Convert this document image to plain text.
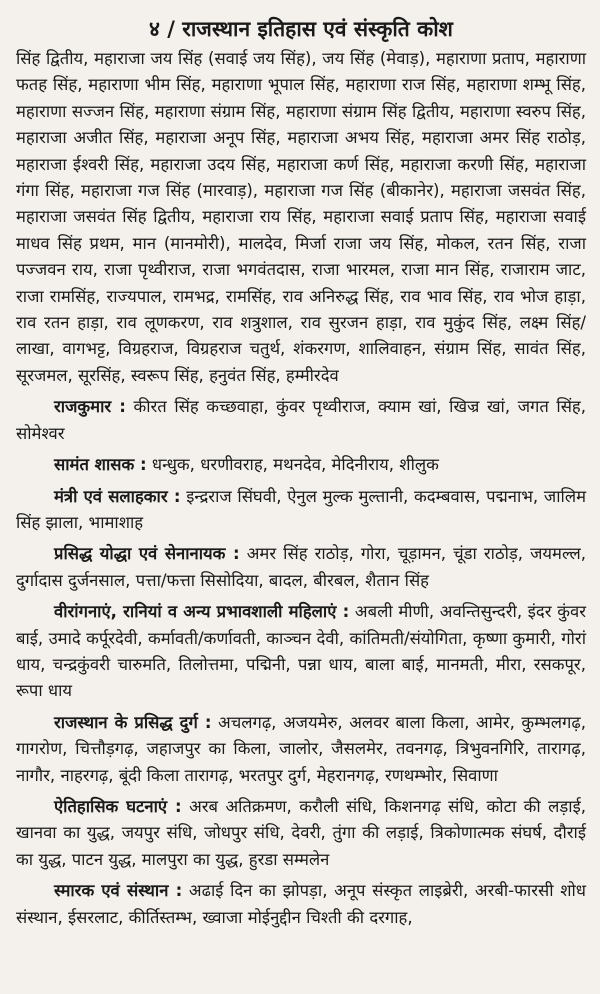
४ / राजस्थान इतिहास एवं संस्कृति कोश

सिंह द्वितीय, महाराजा जय सिंह (सवाई जय सिंह), जय सिंह (मेवाड़), महाराणा प्रताप, महाराणा फतह सिंह, महाराणा भीम सिंह, महाराणा भूपाल सिंह, महाराणा राज सिंह, महाराणा शम्भू सिंह, महाराणा सज्जन सिंह, महाराणा संग्राम सिंह, महाराणा संग्राम सिंह द्वितीय, महाराणा स्वरुप सिंह, महाराजा अजीत सिंह, महाराजा अनूप सिंह, महाराजा अभय सिंह, महाराजा अमर सिंह राठोड़, महाराजा ईश्वरी सिंह, महाराजा उदय सिंह, महाराजा कर्ण सिंह, महाराजा करणी सिंह, महाराजा गंगा सिंह, महाराजा गज सिंह (मारवाड़), महाराजा गज सिंह (बीकानेर), महाराजा जसवंत सिंह, महाराजा जसवंत सिंह द्वितीय, महाराजा राय सिंह, महाराजा सवाई प्रताप सिंह, महाराजा सवाई माधव सिंह प्रथम, मान (मानमोरी), मालदेव, मिर्जा राजा जय सिंह, मोकल, रतन सिंह, राजा पज्जवन राय, राजा पृथ्वीराज, राजा भगवंतदास, राजा भारमल, राजा मान सिंह, राजाराम जाट, राजा रामसिंह, राज्यपाल, रामभद्र, रामसिंह, राव अनिरुद्ध सिंह, राव भाव सिंह, राव भोज हाड़ा, राव रतन हाड़ा, राव लूणकरण, राव शत्रुशाल, राव सुरजन हाड़ा, राव मुकुंद सिंह, लक्ष्म सिंह/लाखा, वागभट्ट, विग्रहराज, विग्रहराज चतुर्थ, शंकरगण, शालिवाहन, संग्राम सिंह, सावंत सिंह, सूरजमल, सूरसिंह, स्वरूप सिंह, हनुवंत सिंह, हम्मीरदेव

राजकुमार : कीरत सिंह कच्छवाहा, कुंवर पृथ्वीराज, क्याम खां, खिज्र खां, जगत सिंह, सोमेश्वर

सामंत शासक : धन्धुक, धरणीवराह, मथनदेव, मेदिनीराय, शीलुक

मंत्री एवं सलाहकार : इन्द्रराज सिंघवी, ऐनुल मुल्क मुल्तानी, कदम्बवास, पद्मनाभ, जालिम सिंह झाला, भामाशाह

प्रसिद्ध योद्धा एवं सेनानायक : अमर सिंह राठोड़, गोरा, चूड़ामन, चूंडा राठोड़, जयमल्ल, दुर्गादास दुर्जनसाल, पत्ता/फत्ता सिसोदिया, बादल, बीरबल, शैतान सिंह

वीरांगनाएं, रानियां व अन्य प्रभावशाली महिलाएं : अबली मीणी, अवन्तिसुन्दरी, इंदर कुंवर बाई, उमादे कर्पूरदेवी, कर्मावती/कर्णावती, काञ्चन देवी, कांतिमती/संयोगिता, कृष्णा कुमारी, गोरां धाय, चन्द्रकुंवरी चारुमति, तिलोत्तमा, पद्मिनी, पन्ना धाय, बाला बाई, मानमती, मीरा, रसकपूर, रूपा धाय

राजस्थान के प्रसिद्ध दुर्ग : अचलगढ़, अजयमेरु, अलवर बाला किला, आमेर, कुम्भलगढ़, गागरोण, चित्तौड़गढ़, जहाजपुर का किला, जालोर, जैसलमेर, तवनगढ़, त्रिभुवनगिरि, तारागढ़, नागौर, नाहरगढ़, बूंदी किला तारागढ़, भरतपुर दुर्ग, मेहरानगढ़, रणथम्भोर, सिवाणा

ऐतिहासिक घटनाएं : अरब अतिक्रमण, करौली संधि, किशनगढ़ संधि, कोटा की लड़ाई, खानवा का युद्ध, जयपुर संधि, जोधपुर संधि, देवरी, तुंगा की लड़ाई, त्रिकोणात्मक संघर्ष, दौराई का युद्ध, पाटन युद्ध, मालपुरा का युद्ध, हुरडा सम्मलेन

स्मारक एवं संस्थान : अढाई दिन का झोपड़ा, अनूप संस्कृत लाइब्रेरी, अरबी-फारसी शोध संस्थान, ईसरलाट, कीर्तिस्तम्भ, ख्वाजा मोईनुद्दीन चिश्ती की दरगाह,
